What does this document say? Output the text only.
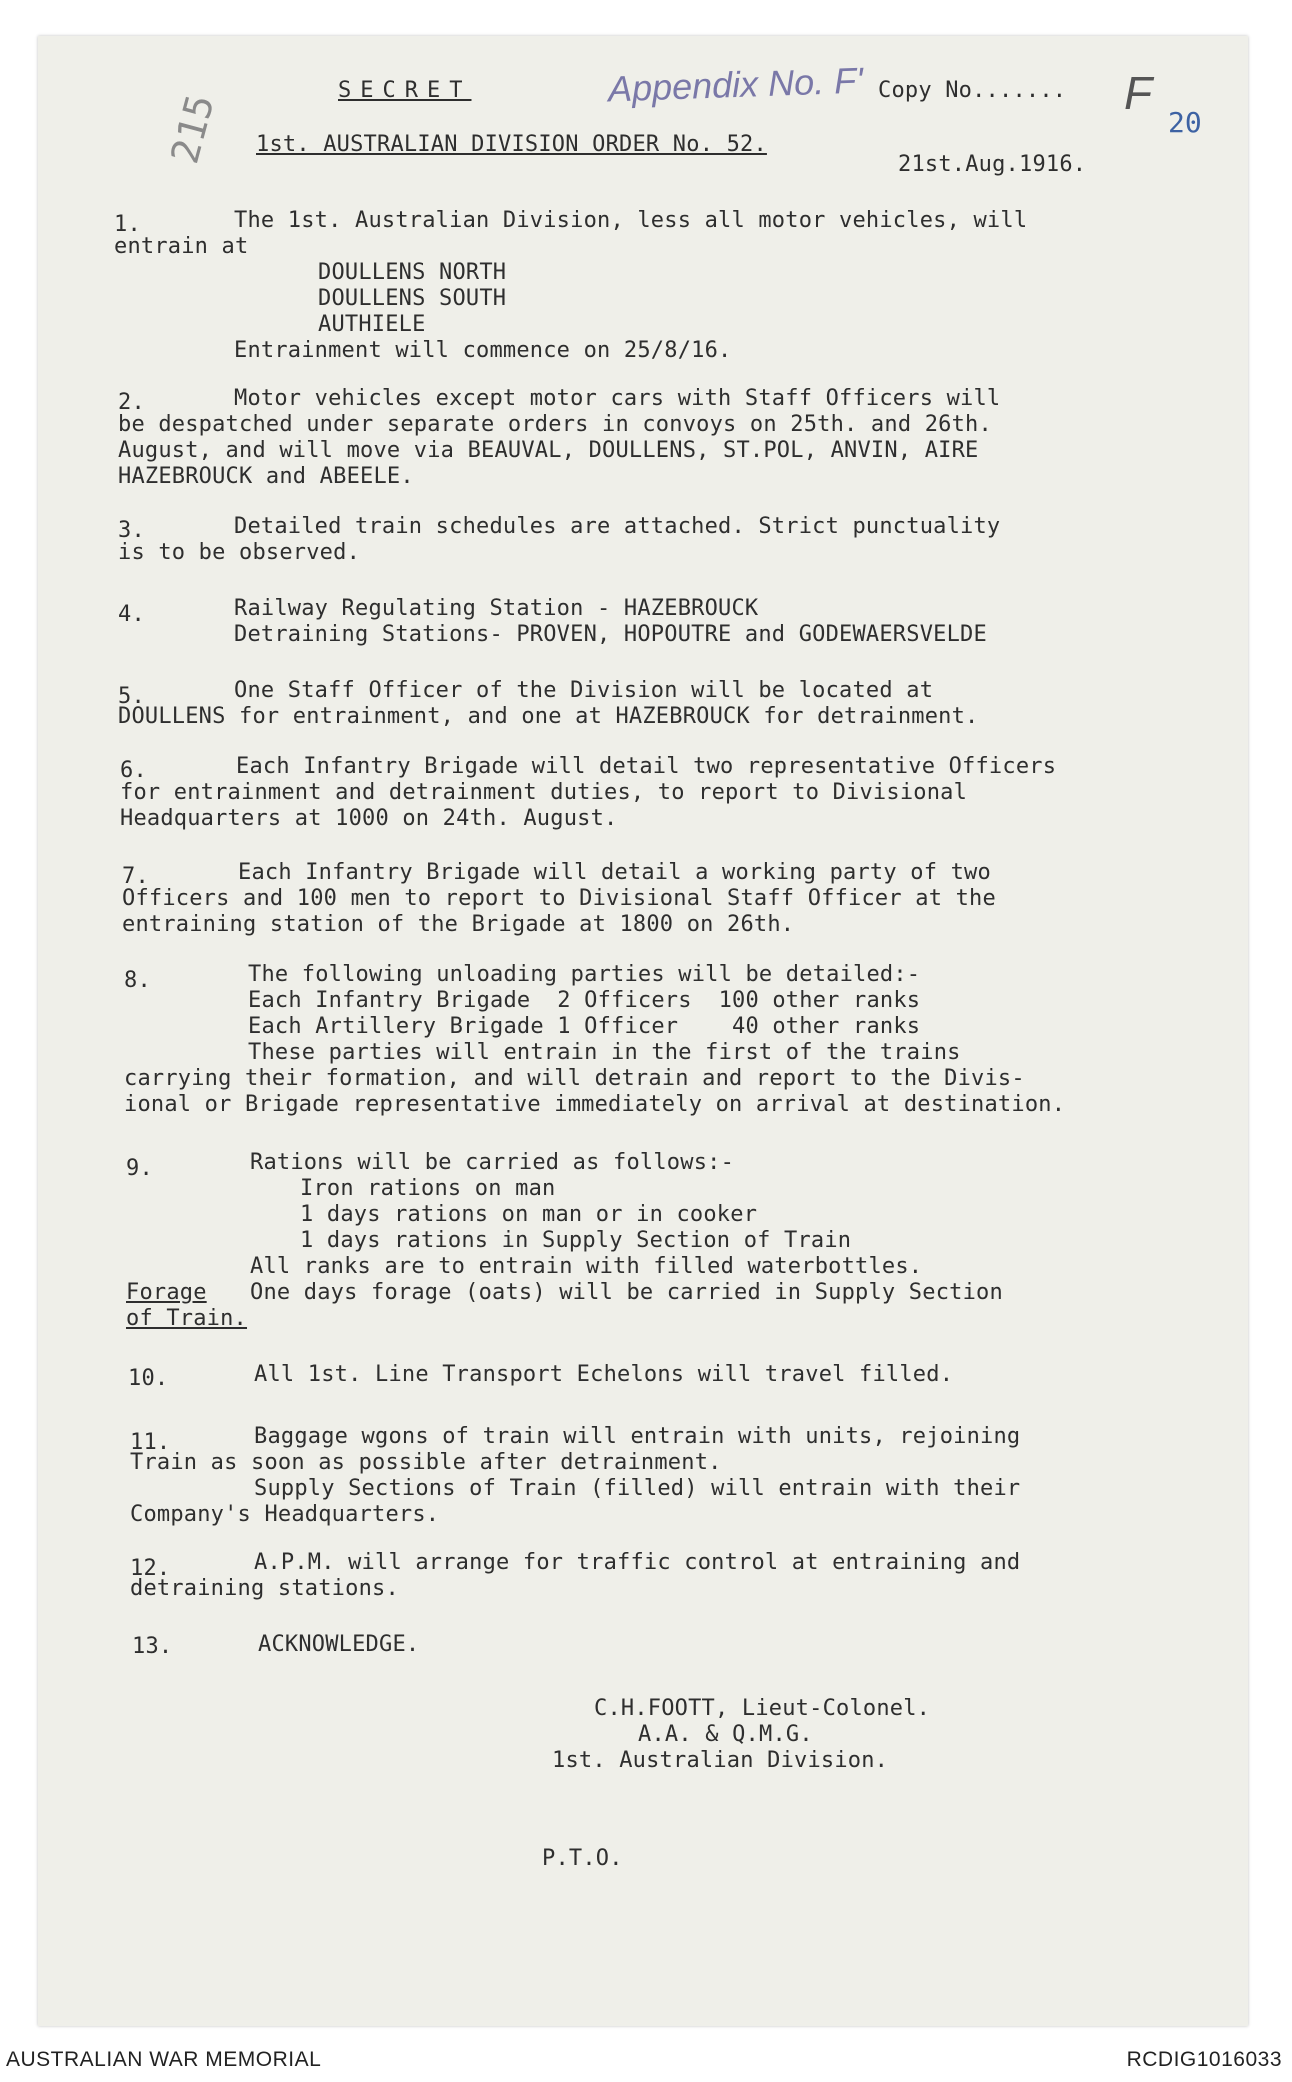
SECRET	Appendix No. F' Copy No....... F
20
215 1st. AUSTRALIAN DIVISION ORDER No. 52.
21st.Aug.1916.
1.	The 1st. Australian Division, less all motor vehicles, will
entrain at
DOULLENS NORTH
DOULLENS SOUTH
AUTHIELE
Entrainment will commence on 25/8/16.
2.	Motor vehicles except motor cars with Staff Officers will
be despatched under separate orders in convoys on 25th. and 26th.
August, and will move via BEAUVAL, DOULLENS, ST.POL, ANVIN, AIRE
HAZEBROUCK and ABEELE.
3.	Detailed train schedules are attached. Strict punctuality
is to be observed.
4.	Railway Regulating Station - HAZEBROUCK
Detraining Stations- PROVEN, HOPOUTRE and GODEWAERSVELDE
5.	One Staff Officer of the Division will be located at
DOULLENS for entrainment, and one at HAZEBROUCK for detrainment.
6.	Each Infantry Brigade will detail two representative Officers
for entrainment and detrainment duties, to report to Divisional
Headquarters at 1000 on 24th. August.
7.	Each Infantry Brigade will detail a working party of two
Officers and 100 men to report to Divisional Staff Officer at the
entraining station of the Brigade at 1800 on 26th.
8.	The following unloading parties will be detailed:-
Each Infantry Brigade  2 Officers  100 other ranks
Each Artillery Brigade 1 Officer    40 other ranks
These parties will entrain in the first of the trains
carrying their formation, and will detrain and report to the Divis-
ional or Brigade representative immediately on arrival at destination.
9.	Rations will be carried as follows:-
Iron rations on man
1 days rations on man or in cooker
1 days rations in Supply Section of Train
All ranks are to entrain with filled waterbottles.
Forage One days forage (oats) will be carried in Supply Section
of Train.
10.	All 1st. Line Transport Echelons will travel filled.
11.	Baggage wgons of train will entrain with units, rejoining
Train as soon as possible after detrainment.
Supply Sections of Train (filled) will entrain with their
Company's Headquarters.
12.	A.P.M. will arrange for traffic control at entraining and
detraining stations.
13.	ACKNOWLEDGE.
C.H.FOOTT, Lieut-Colonel.
A.A. & Q.M.G.
1st. Australian Division.
P.T.O.
AUSTRALIAN WAR MEMORIAL	RCDIG1016033
